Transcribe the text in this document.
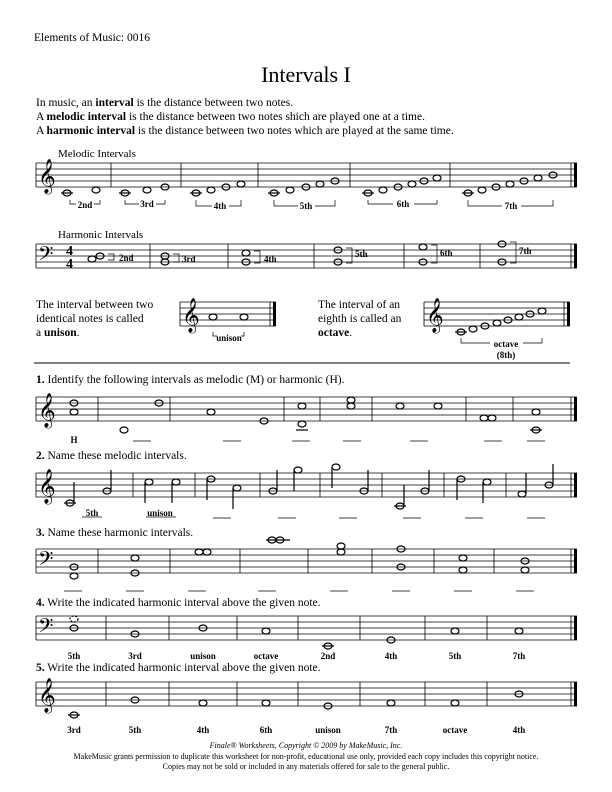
Elements of Music: 0016
Intervals I
In music, an interval is the distance between two notes.
A melodic interval is the distance between two notes shich are played one at a time.
A harmonic interval is the distance between two notes which are played at the same time.
The interval between two
identical notes is called
a unison.
The interval of an
eighth is called an
octave.
1. Identify the following intervals as melodic (M) or harmonic (H).
2. Name these melodic intervals.
3. Name these harmonic intervals.
4. Write the indicated harmonic interval above the given note.
5. Write the indicated harmonic interval above the given note.
Finale® Worksheets, Copyright © 2009 by MakeMusic, Inc.
MakeMusic grants permission to duplicate this worksheet for non-profit, educational use only, provided each copy includes this copyright notice.
Copies may not be sold or included in any materials offered for sale to the general public.
𝄞
Melodic Intervals
2nd	3rd	4th	5th	6th	7th
𝄢 4
4
Harmonic Intervals
2nd	3rd	4th	5th	6th	7th
𝄞
unison
𝄞
octave
(8th)
𝄞
H
𝄞
5th	unison
𝄢
𝄢
5th	3rd	unison	octave	2nd	4th	5th	7th
𝄞
3rd	5th	4th	6th	unison	7th	octave	4th
